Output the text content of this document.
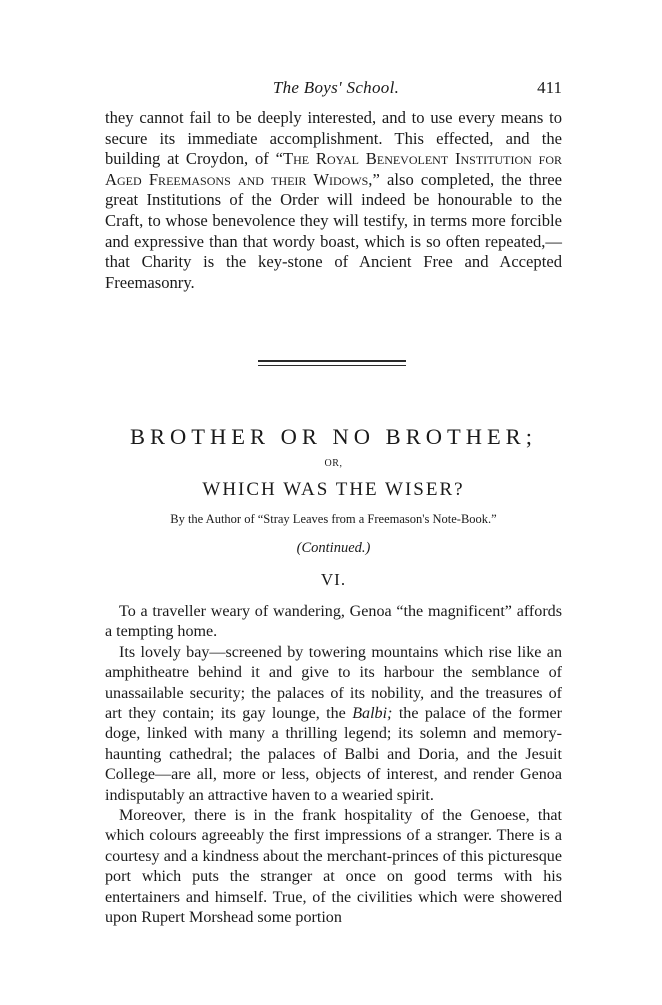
The Boys' School.	411

they cannot fail to be deeply interested, and to use every means to secure its immediate accomplishment. This effected, and the building at Croydon, of “The Royal Benevolent Institution for Aged Freemasons and their Widows,” also completed, the three great Institutions of the Order will indeed be honourable to the Craft, to whose benevolence they will testify, in terms more forcible and expressive than that wordy boast, which is so often repeated,—that Charity is the key-stone of Ancient Free and Accepted Freemasonry.

BROTHER OR NO BROTHER;
OR,
WHICH WAS THE WISER?
By the Author of “Stray Leaves from a Freemason's Note-Book.”
(Continued.)
VI.

To a traveller weary of wandering, Genoa “the magnificent” affords a tempting home.

Its lovely bay—screened by towering mountains which rise like an amphitheatre behind it and give to its harbour the semblance of unassailable security; the palaces of its nobility, and the treasures of art they contain; its gay lounge, the Balbi; the palace of the former doge, linked with many a thrilling legend; its solemn and memory-haunting cathedral; the palaces of Balbi and Doria, and the Jesuit College—are all, more or less, objects of interest, and render Genoa indisputably an attractive haven to a wearied spirit.

Moreover, there is in the frank hospitality of the Genoese, that which colours agreeably the first impressions of a stranger. There is a courtesy and a kindness about the merchant-princes of this picturesque port which puts the stranger at once on good terms with his entertainers and himself. True, of the civilities which were showered upon Rupert Morshead some portion
